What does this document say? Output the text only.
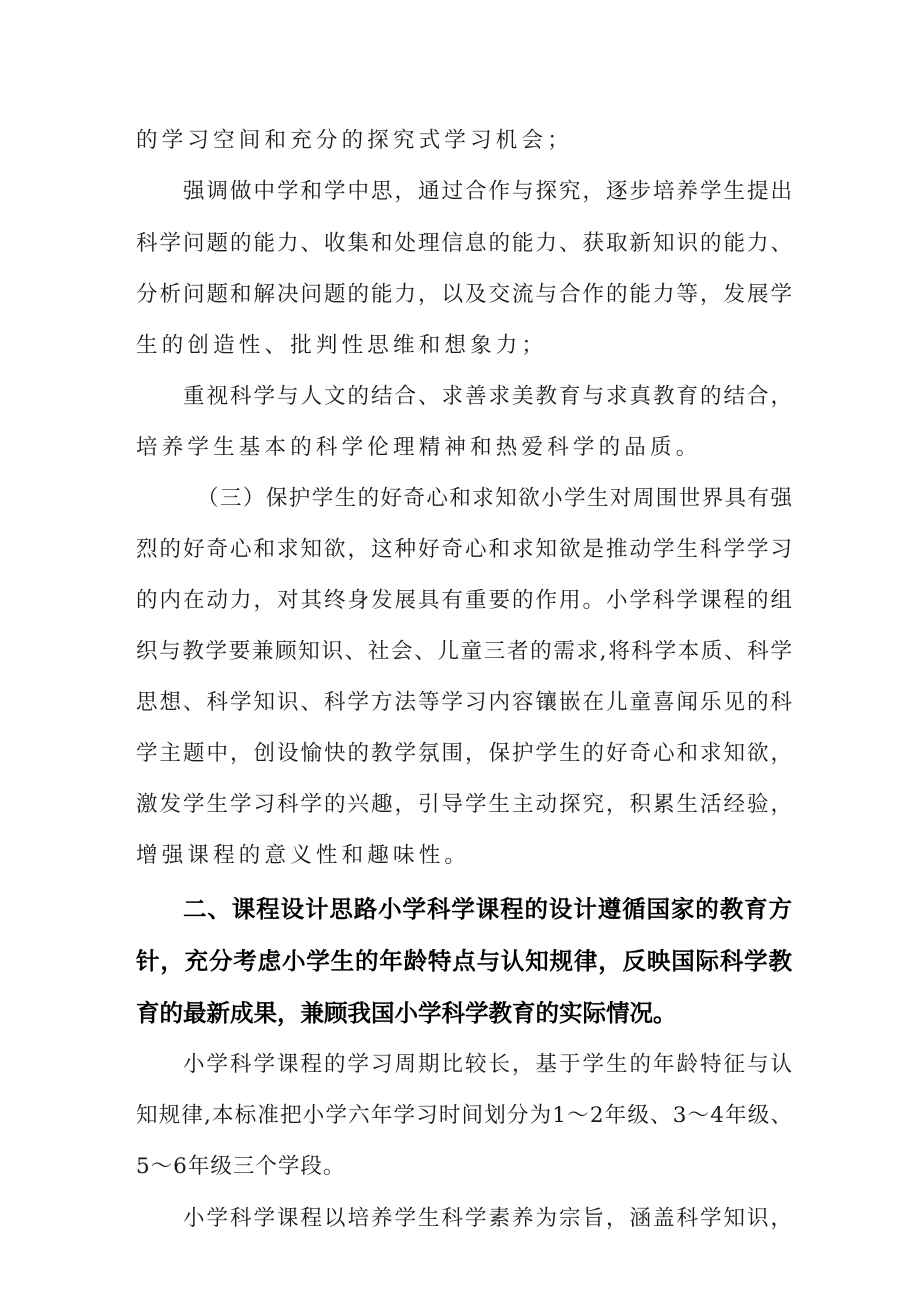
的学习空间和充分的探究式学习机会；
强调做中学和学中思，通过合作与探究，逐步培养学生提出
科学问题的能力、收集和处理信息的能力、获取新知识的能力、
分析问题和解决问题的能力，以及交流与合作的能力等，发展学
生的创造性、批判性思维和想象力；
重视科学与人文的结合、求善求美教育与求真教育的结合，
培养学生基本的科学伦理精神和热爱科学的品质。
（三）保护学生的好奇心和求知欲小学生对周围世界具有强
烈的好奇心和求知欲，这种好奇心和求知欲是推动学生科学学习
的内在动力，对其终身发展具有重要的作用。小学科学课程的组
织与教学要兼顾知识、社会、儿童三者的需求,将科学本质、科学
思想、科学知识、科学方法等学习内容镶嵌在儿童喜闻乐见的科
学主题中，创设愉快的教学氛围，保护学生的好奇心和求知欲，
激发学生学习科学的兴趣，引导学生主动探究，积累生活经验，
增强课程的意义性和趣味性。
二、课程设计思路小学科学课程的设计遵循国家的教育方
针，充分考虑小学生的年龄特点与认知规律，反映国际科学教
育的最新成果，兼顾我国小学科学教育的实际情况。
小学科学课程的学习周期比较长，基于学生的年龄特征与认
知规律,本标准把小学六年学习时间划分为1～2年级、3～4年级、
5～6年级三个学段。
小学科学课程以培养学生科学素养为宗旨，涵盖科学知识，
